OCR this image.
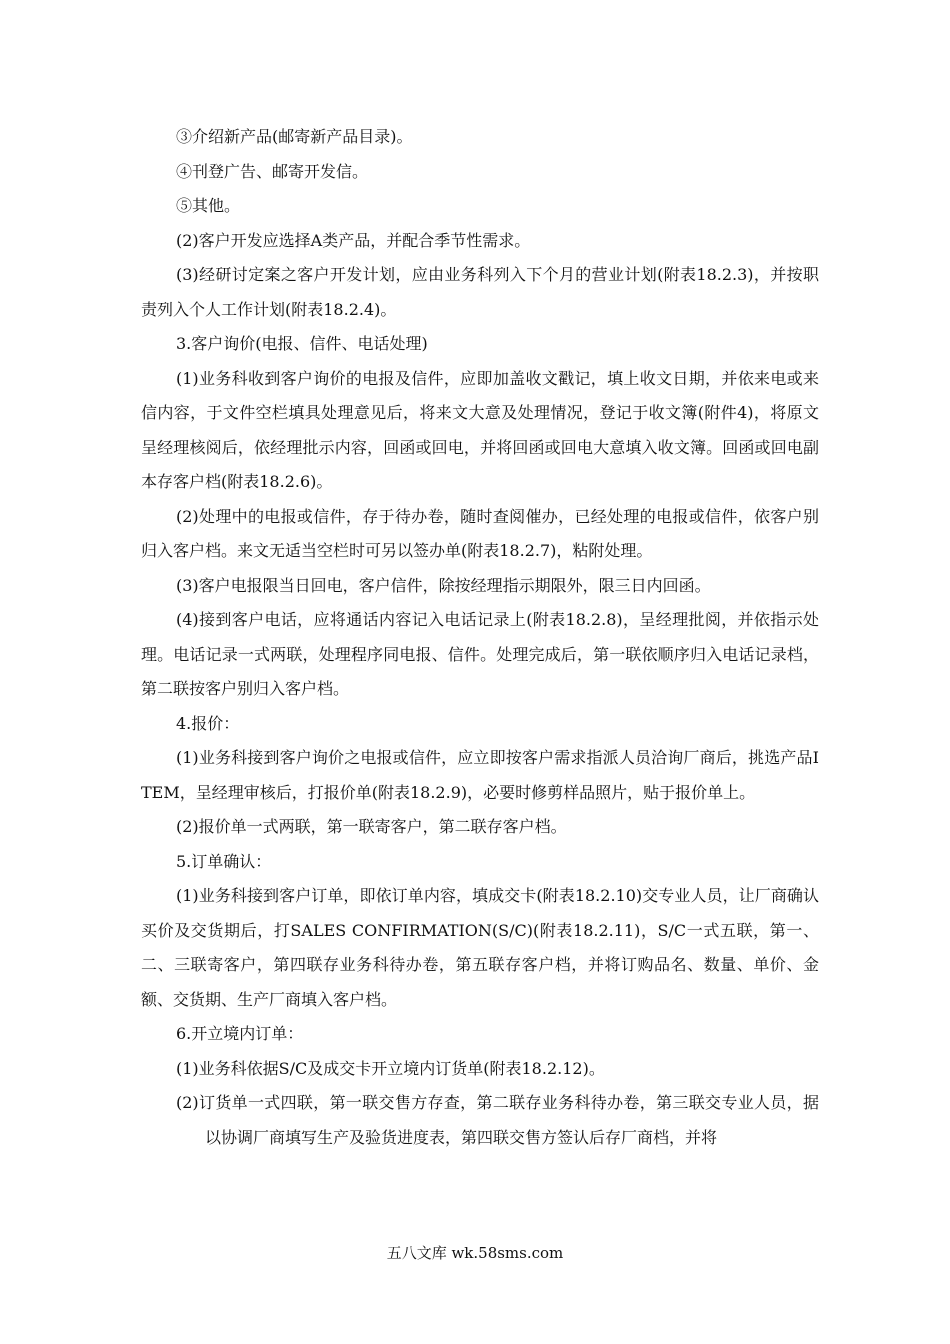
③介绍新产品(邮寄新产品目录)。

④刊登广告、邮寄开发信。

⑤其他。

(2)客户开发应选择A类产品，并配合季节性需求。

(3)经研讨定案之客户开发计划，应由业务科列入下个月的营业计划(附表18.2.3)，并按职责列入个人工作计划(附表18.2.4)。

3.客户询价(电报、信件、电话处理)

(1)业务科收到客户询价的电报及信件，应即加盖收文戳记，填上收文日期，并依来电或来信内容，于文件空栏填具处理意见后，将来文大意及处理情况，登记于收文簿(附件4)，将原文呈经理核阅后，依经理批示内容，回函或回电，并将回函或回电大意填入收文簿。回函或回电副本存客户档(附表18.2.6)。

(2)处理中的电报或信件，存于待办卷，随时查阅催办，已经处理的电报或信件，依客户别归入客户档。来文无适当空栏时可另以签办单(附表18.2.7)，粘附处理。

(3)客户电报限当日回电，客户信件，除按经理指示期限外，限三日内回函。

(4)接到客户电话，应将通话内容记入电话记录上(附表18.2.8)，呈经理批阅，并依指示处理。电话记录一式两联，处理程序同电报、信件。处理完成后，第一联依顺序归入电话记录档，第二联按客户别归入客户档。

4.报价：

(1)业务科接到客户询价之电报或信件，应立即按客户需求指派人员洽询厂商后，挑选产品ITEM，呈经理审核后，打报价单(附表18.2.9)，必要时修剪样品照片，贴于报价单上。

(2)报价单一式两联，第一联寄客户，第二联存客户档。

5.订单确认：

(1)业务科接到客户订单，即依订单内容，填成交卡(附表18.2.10)交专业人员，让厂商确认买价及交货期后，打SALES CONFIRMATION(S/C)(附表18.2.11)，S/C一式五联，第一、二、三联寄客户，第四联存业务科待办卷，第五联存客户档，并将订购品名、数量、单价、金额、交货期、生产厂商填入客户档。

6.开立境内订单：

(1)业务科依据S/C及成交卡开立境内订货单(附表18.2.12)。

(2)订货单一式四联，第一联交售方存查，第二联存业务科待办卷，第三联交专业人员，据以协调厂商填写生产及验货进度表，第四联交售方签认后存厂商档，并将

五八文库 wk.58sms.com
